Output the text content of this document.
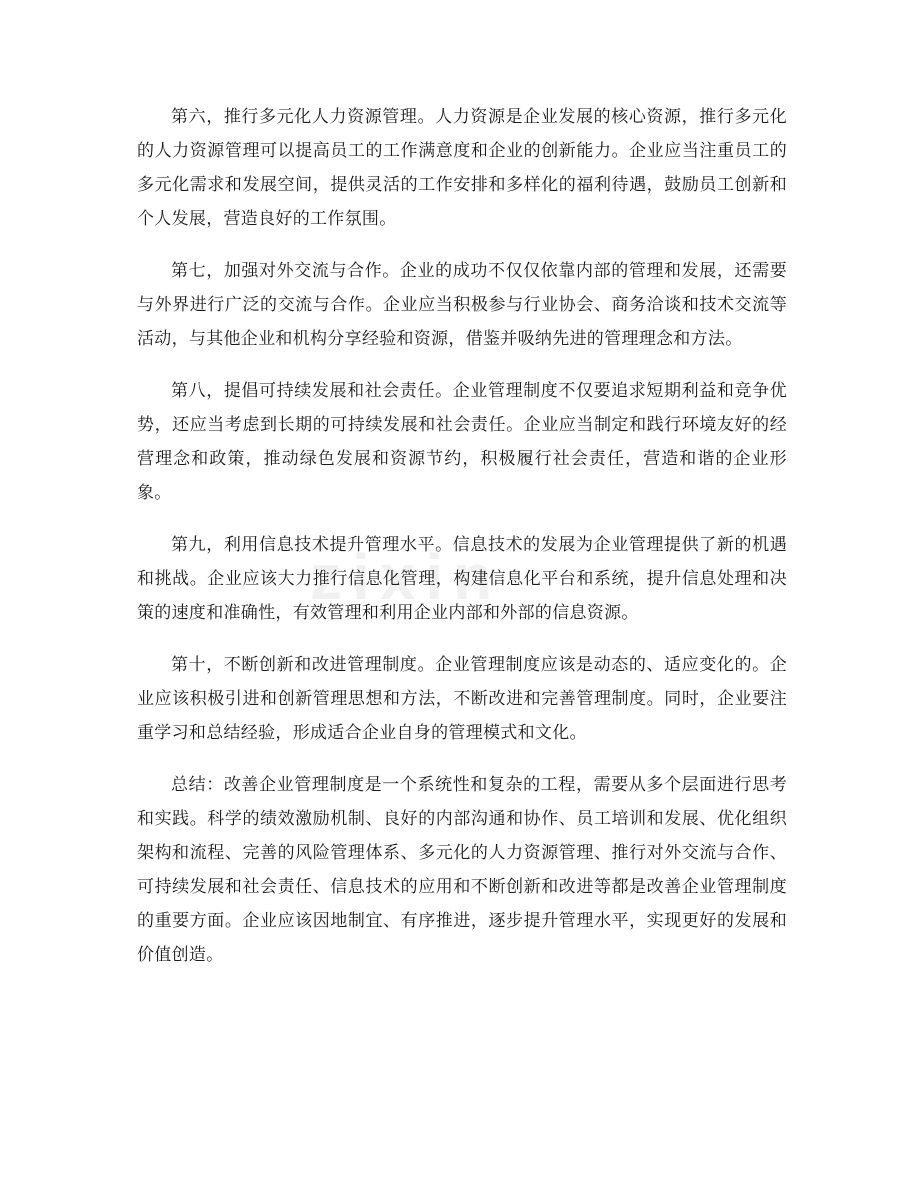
zixin

第六，推行多元化人力资源管理。人力资源是企业发展的核心资源，推行多元化的人力资源管理可以提高员工的工作满意度和企业的创新能力。企业应当注重员工的多元化需求和发展空间，提供灵活的工作安排和多样化的福利待遇，鼓励员工创新和个人发展，营造良好的工作氛围。

第七，加强对外交流与合作。企业的成功不仅仅依靠内部的管理和发展，还需要与外界进行广泛的交流与合作。企业应当积极参与行业协会、商务洽谈和技术交流等活动，与其他企业和机构分享经验和资源，借鉴并吸纳先进的管理理念和方法。

第八，提倡可持续发展和社会责任。企业管理制度不仅要追求短期利益和竞争优势，还应当考虑到长期的可持续发展和社会责任。企业应当制定和践行环境友好的经营理念和政策，推动绿色发展和资源节约，积极履行社会责任，营造和谐的企业形象。

第九，利用信息技术提升管理水平。信息技术的发展为企业管理提供了新的机遇和挑战。企业应该大力推行信息化管理，构建信息化平台和系统，提升信息处理和决策的速度和准确性，有效管理和利用企业内部和外部的信息资源。

第十，不断创新和改进管理制度。企业管理制度应该是动态的、适应变化的。企业应该积极引进和创新管理思想和方法，不断改进和完善管理制度。同时，企业要注重学习和总结经验，形成适合企业自身的管理模式和文化。

总结：改善企业管理制度是一个系统性和复杂的工程，需要从多个层面进行思考和实践。科学的绩效激励机制、良好的内部沟通和协作、员工培训和发展、优化组织架构和流程、完善的风险管理体系、多元化的人力资源管理、推行对外交流与合作、可持续发展和社会责任、信息技术的应用和不断创新和改进等都是改善企业管理制度的重要方面。企业应该因地制宜、有序推进，逐步提升管理水平，实现更好的发展和价值创造。
